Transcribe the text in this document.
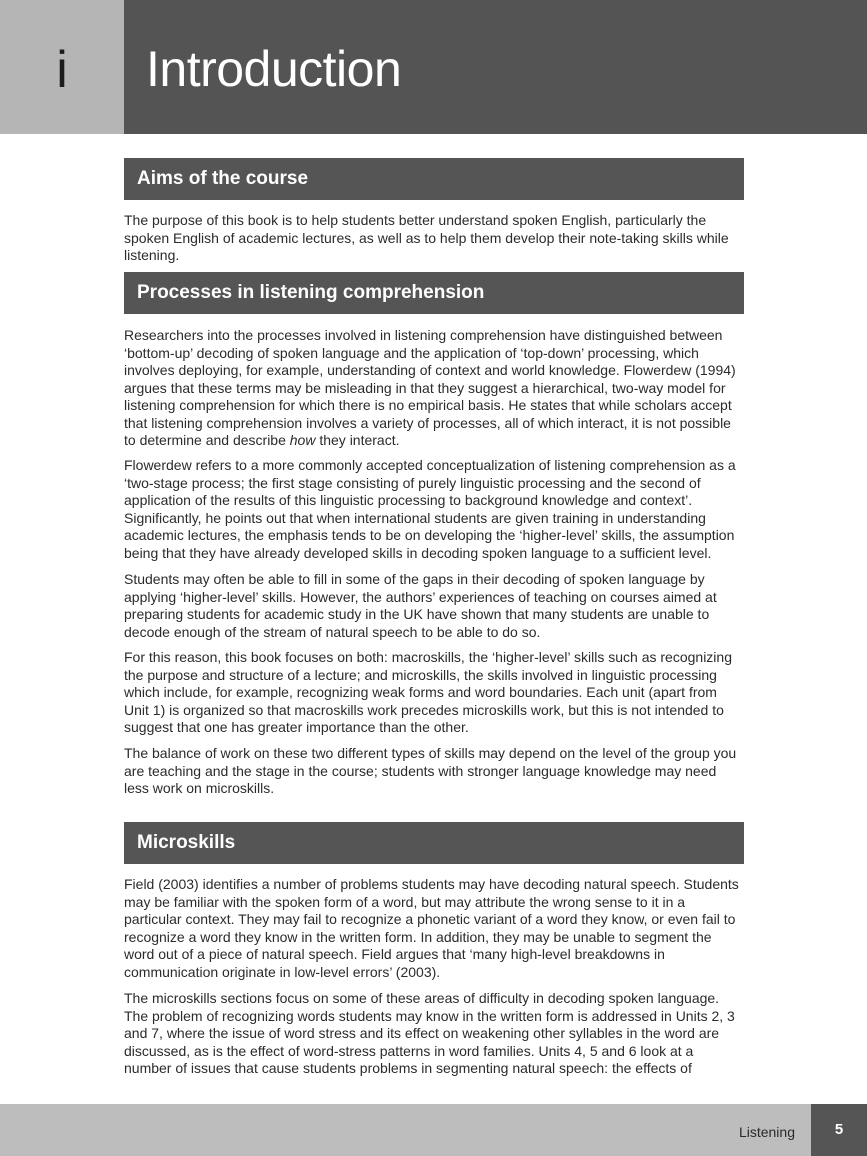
i	Introduction
Aims of the course

The purpose of this book is to help students better understand spoken English, particularly the spoken English of academic lectures, as well as to help them develop their note-taking skills while listening.

Processes in listening comprehension

Researchers into the processes involved in listening comprehension have distinguished between ‘bottom-up’ decoding of spoken language and the application of ‘top-down’ processing, which involves deploying, for example, understanding of context and world knowledge. Flowerdew (1994) argues that these terms may be misleading in that they suggest a hierarchical, two-way model for listening comprehension for which there is no empirical basis. He states that while scholars accept that listening comprehension involves a variety of processes, all of which interact, it is not possible to determine and describe how they interact.

Flowerdew refers to a more commonly accepted conceptualization of listening comprehension as a ‘two-stage process; the first stage consisting of purely linguistic processing and the second of application of the results of this linguistic processing to background knowledge and context’. Significantly, he points out that when international students are given training in understanding academic lectures, the emphasis tends to be on developing the ‘higher-level’ skills, the assumption being that they have already developed skills in decoding spoken language to a sufficient level.

Students may often be able to fill in some of the gaps in their decoding of spoken language by applying ‘higher-level’ skills. However, the authors’ experiences of teaching on courses aimed at preparing students for academic study in the UK have shown that many students are unable to decode enough of the stream of natural speech to be able to do so.

For this reason, this book focuses on both: macroskills, the ‘higher-level’ skills such as recognizing the purpose and structure of a lecture; and microskills, the skills involved in linguistic processing which include, for example, recognizing weak forms and word boundaries. Each unit (apart from Unit 1) is organized so that macroskills work precedes microskills work, but this is not intended to suggest that one has greater importance than the other.

The balance of work on these two different types of skills may depend on the level of the group you are teaching and the stage in the course; students with stronger language knowledge may need less work on microskills.

Microskills

Field (2003) identifies a number of problems students may have decoding natural speech. Students may be familiar with the spoken form of a word, but may attribute the wrong sense to it in a particular context. They may fail to recognize a phonetic variant of a word they know, or even fail to recognize a word they know in the written form. In addition, they may be unable to segment the word out of a piece of natural speech. Field argues that ‘many high-level breakdowns in communication originate in low-level errors’ (2003).

The microskills sections focus on some of these areas of difficulty in decoding spoken language. The problem of recognizing words students may know in the written form is addressed in Units 2, 3 and 7, where the issue of word stress and its effect on weakening other syllables in the word are discussed, as is the effect of word-stress patterns in word families. Units 4, 5 and 6 look at a number of issues that cause students problems in segmenting natural speech: the effects of

Listening	5
